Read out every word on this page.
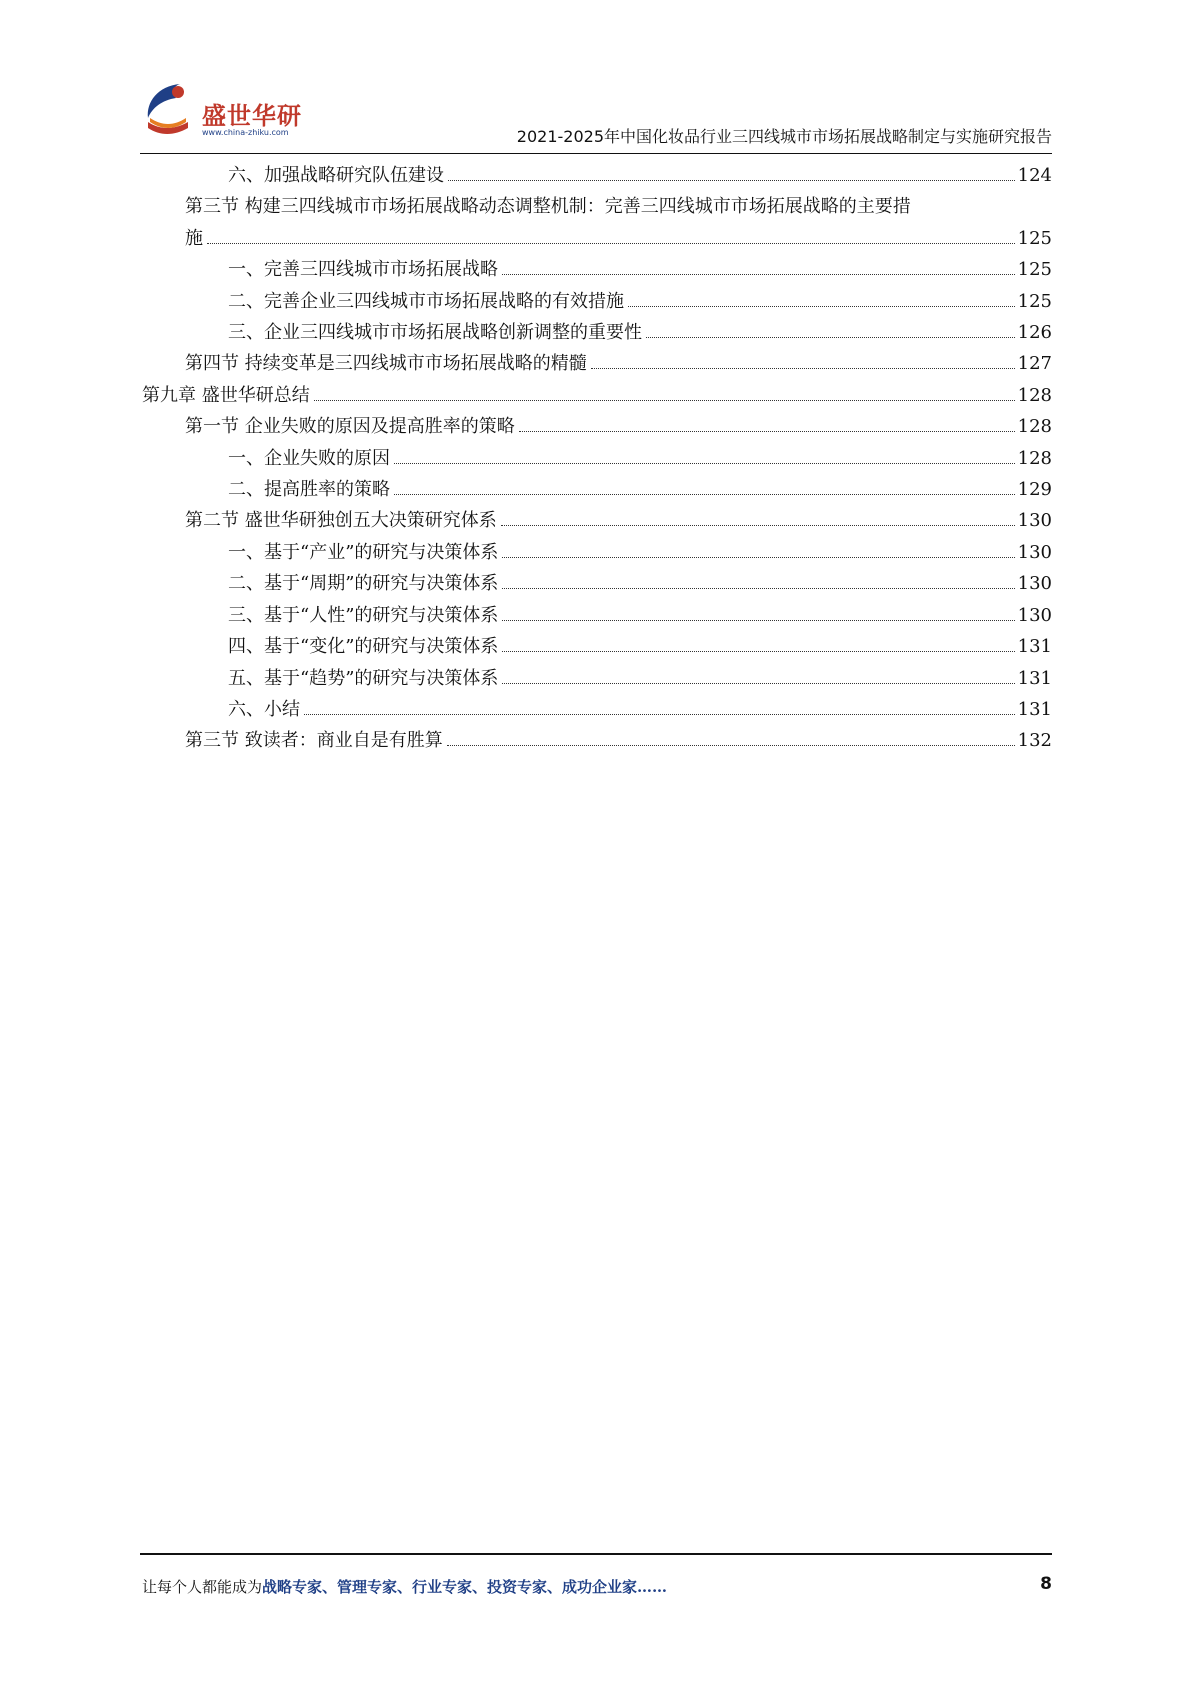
盛世华研
www.china-zhiku.com	2021-2025年中国化妆品行业三四线城市市场拓展战略制定与实施研究报告
六、加强战略研究队伍建设	124
第三节 构建三四线城市市场拓展战略动态调整机制：完善三四线城市市场拓展战略的主要措
施	125
一、完善三四线城市市场拓展战略	125
二、完善企业三四线城市市场拓展战略的有效措施	125
三、企业三四线城市市场拓展战略创新调整的重要性	126
第四节 持续变革是三四线城市市场拓展战略的精髓	127
第九章 盛世华研总结	128
第一节 企业失败的原因及提高胜率的策略	128
一、企业失败的原因	128
二、提高胜率的策略	129
第二节 盛世华研独创五大决策研究体系	130
一、基于“产业”的研究与决策体系	130
二、基于“周期”的研究与决策体系	130
三、基于“人性”的研究与决策体系	130
四、基于“变化”的研究与决策体系	131
五、基于“趋势”的研究与决策体系	131
六、小结	131
第三节 致读者：商业自是有胜算	132
让每个人都能成为战略专家、管理专家、行业专家、投资专家、成功企业家……	8
